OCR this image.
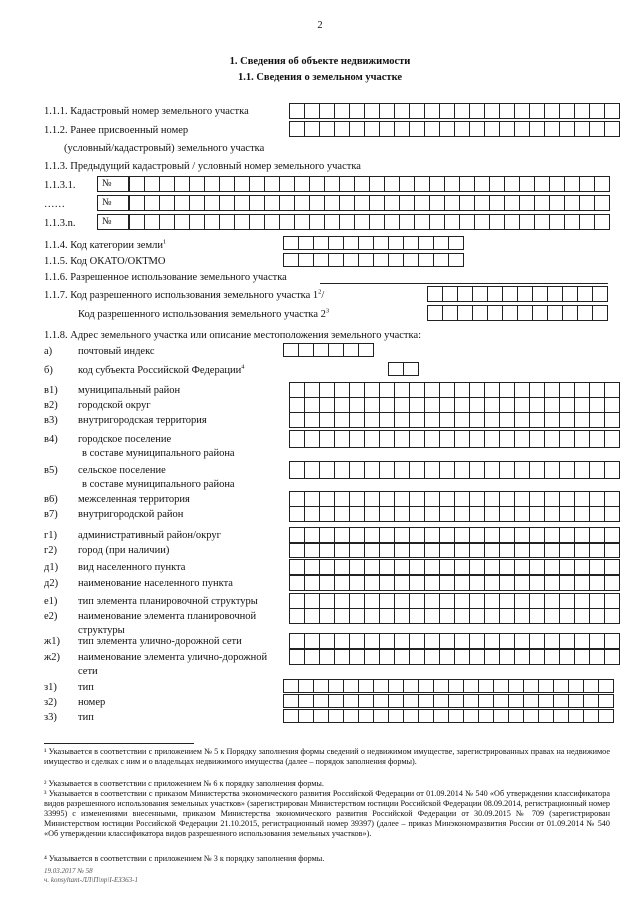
2
1. Сведения об объекте недвижимости
1.1. Сведения о земельном участке
1.1.1. Кадастровый номер земельного участка
1.1.2. Ранее присвоенный номер
(условный/кадастровый) земельного участка
1.1.3. Предыдущий кадастровый / условный номер земельного участка
1.1.3.1.	№
……	№
1.1.3.n.	№
1.1.4. Код категории земли$^1$
1.1.5. Код ОКАТО/ОКТМО
1.1.6. Разрешенное использование земельного участка
1.1.7. Код разрешенного использования земельного участка $1^2/$
Код разрешенного использования земельного участка $2^3$
1.1.8. Адрес земельного участка или описание местоположения земельного участка:
а) почтовый индекс
б) код субъекта Российской Федерации$^4$
в1) муниципальный район
в2) городской округ
в3) внутригородская территория
в4) городское поселение
в составе муниципального района
в5) сельское поселение
в составе муниципального района
в6) межселенная территория
в7) внутригородской район
г1) административный район/округ
г2) город (при наличии)
д1) вид населенного пункта
д2) наименование населенного пункта
е1) тип элемента планировочной структуры
е2) наименование элемента планировочной
структуры
ж1) тип элемента улично-дорожной сети
ж2) наименование элемента улично-дорожной
сети
з1) тип
з2) номер
з3) тип
¹ Указывается в соответствии с приложением № 5 к Порядку заполнения формы сведений о недвижимом имуществе, зарегистрированных правах на недвижимое имущество и сделках с ним и о владельцах недвижимого имущества (далее – порядок заполнения формы).
² Указывается в соответствии с приложением № 6 к порядку заполнения формы.
³ Указывается в соответствии с приказом Министерства экономического развития Российской Федерации от 01.09.2014 № 540 «Об утверждении классификатора видов разрешенного использования земельных участков» (зарегистрирован Министерством юстиции Российской Федерации 08.09.2014, регистрационный номер 33995) с изменениями внесенными, приказом Министерства экономического развития Российской Федерации от 30.09.2015 № 709 (зарегистрирован Министерством юстиции Российской Федерации 21.10.2015, регистрационный номер 39397) (далее – приказ Минэкономразвития России от 01.09.2014 № 540 «Об утверждении классификатора видов разрешенного использования земельных участков»).
⁴ Указывается в соответствии с приложением № 3 к порядку заполнения формы.
19.03.2017 № 58
ч. konsyltant-ЛЛ\П\пр\I-ЕЗ363-1
